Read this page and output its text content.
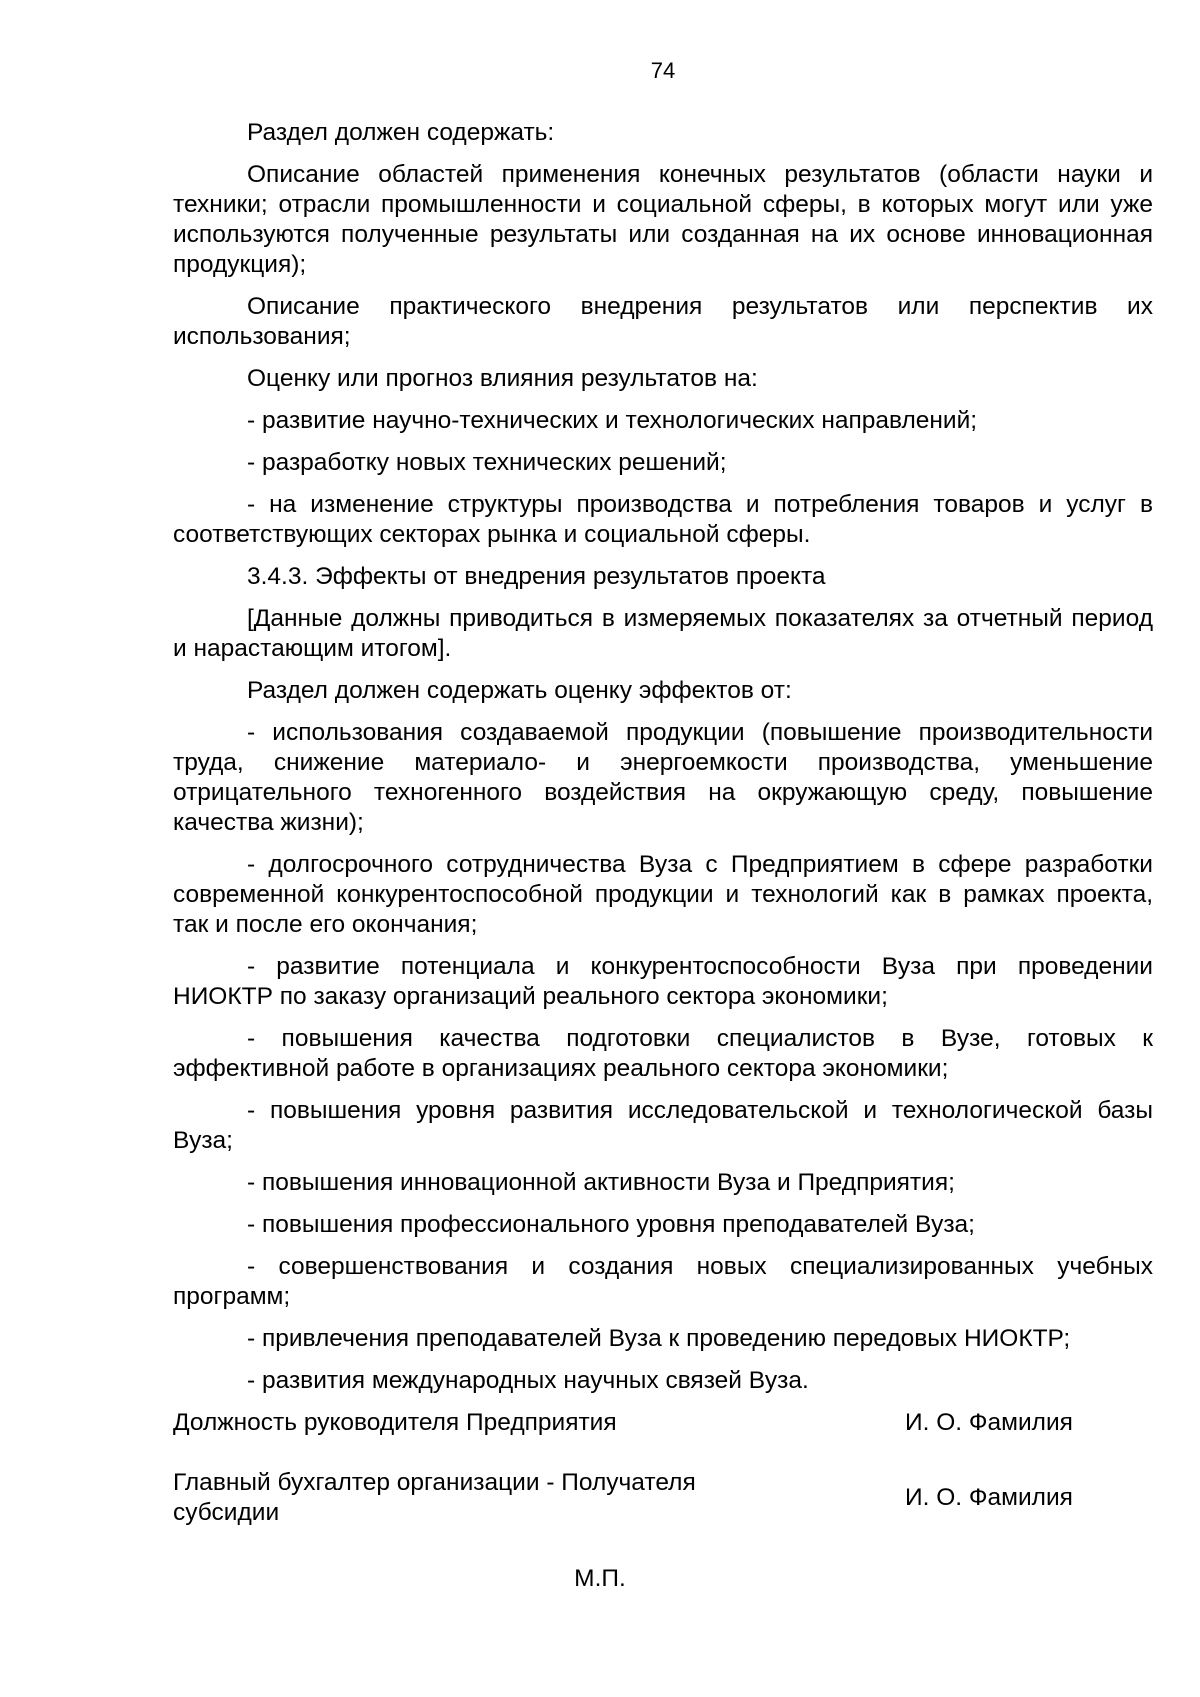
74

Раздел должен содержать:

Описание областей применения конечных результатов (области науки и техники; отрасли промышленности и социальной сферы, в которых могут или уже используются полученные результаты или созданная на их основе инновационная продукция);

Описание практического внедрения результатов или перспектив их использования;

Оценку или прогноз влияния результатов на:

- развитие научно-технических и технологических направлений;

- разработку новых технических решений;

- на изменение структуры производства и потребления товаров и услуг в соответствующих секторах рынка и социальной сферы.

3.4.3. Эффекты от внедрения результатов проекта

[Данные должны приводиться в измеряемых показателях за отчетный период и нарастающим итогом].

Раздел должен содержать оценку эффектов от:

- использования создаваемой продукции (повышение производительности труда, снижение материало- и энергоемкости производства, уменьшение отрицательного техногенного воздействия на окружающую среду, повышение качества жизни);

- долгосрочного сотрудничества Вуза с Предприятием в сфере разработки современной конкурентоспособной продукции и технологий как в рамках проекта, так и после его окончания;

- развитие потенциала и конкурентоспособности Вуза при проведении НИОКТР по заказу организаций реального сектора экономики;

- повышения качества подготовки специалистов в Вузе, готовых к эффективной работе в организациях реального сектора экономики;

- повышения уровня развития исследовательской и технологической базы Вуза;

- повышения инновационной активности Вуза и Предприятия;

- повышения профессионального уровня преподавателей Вуза;

- совершенствования и создания новых специализированных учебных программ;

- привлечения преподавателей Вуза к проведению передовых НИОКТР;

- развития международных научных связей Вуза.

Должность руководителя Предприятия	И. О. Фамилия
Главный бухгалтер организации - Получателя субсидии
И. О. Фамилия
М.П.
